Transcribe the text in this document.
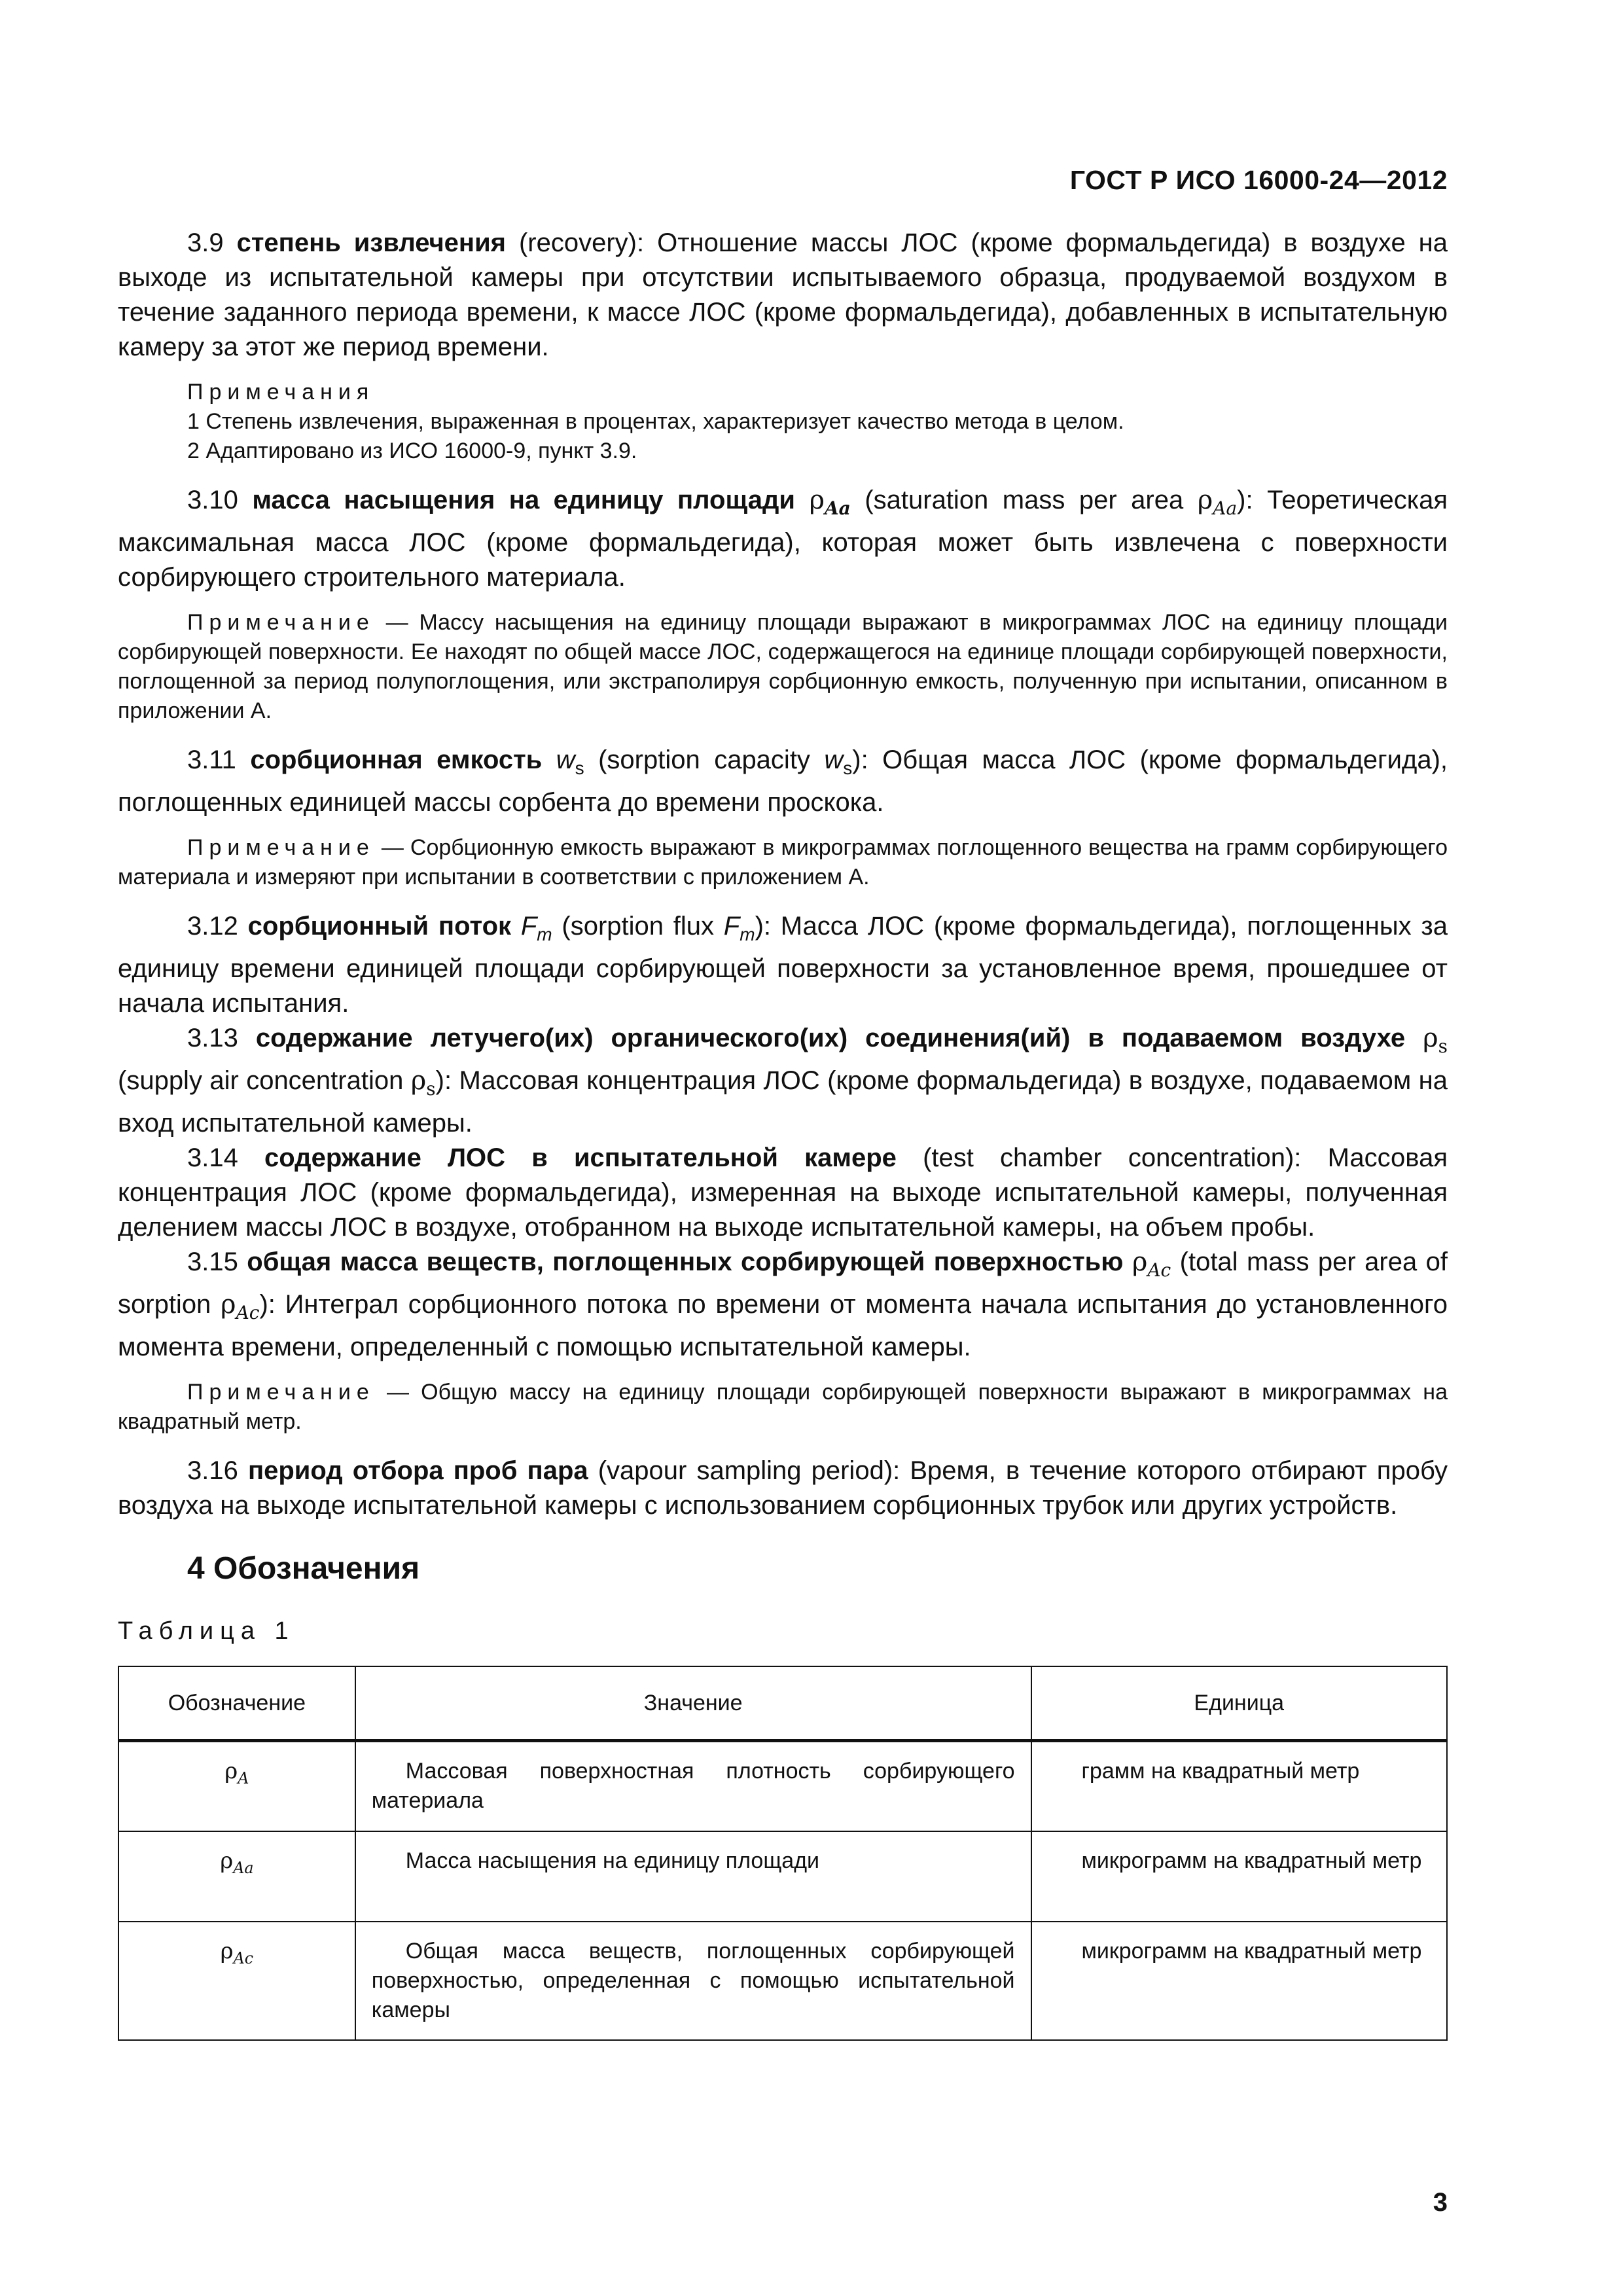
ГОСТ Р ИСО 16000-24—2012

3.9 степень извлечения (recovery): Отношение массы ЛОС (кроме формальдегида) в воздухе на выходе из испытательной камеры при отсутствии испытываемого образца, продуваемой воздухом в течение заданного периода времени, к массе ЛОС (кроме формальдегида), добавленных в испытательную камеру за этот же период времени.

Примечания

1 Степень извлечения, выраженная в процентах, характеризует качество метода в целом.

2 Адаптировано из ИСО 16000-9, пункт 3.9.

3.10 масса насыщения на единицу площади $\rho_{Aa}$ (saturation mass per area $\rho_{Aa}$): Теоретическая максимальная масса ЛОС (кроме формальдегида), которая может быть извлечена с поверхности сорбирующего строительного материала.

Примечание — Массу насыщения на единицу площади выражают в микрограммах ЛОС на единицу площади сорбирующей поверхности. Ее находят по общей массе ЛОС, содержащегося на единице площади сорбирующей поверхности, поглощенной за период полупоглощения, или экстраполируя сорбционную емкость, полученную при испытании, описанном в приложении А.

3.11 сорбционная емкость $w_s$ (sorption capacity $w_s$): Общая масса ЛОС (кроме формальдегида), поглощенных единицей массы сорбента до времени проскока.

Примечание — Сорбционную емкость выражают в микрограммах поглощенного вещества на грамм сорбирующего материала и измеряют при испытании в соответствии с приложением А.

3.12 сорбционный поток $F_m$ (sorption flux $F_m$): Масса ЛОС (кроме формальдегида), поглощенных за единицу времени единицей площади сорбирующей поверхности за установленное время, прошедшее от начала испытания.

3.13 содержание летучего(их) органического(их) соединения(ий) в подаваемом воздухе $\rho_s$ (supply air concentration $\rho_s$): Массовая концентрация ЛОС (кроме формальдегида) в воздухе, подаваемом на вход испытательной камеры.

3.14 содержание ЛОС в испытательной камере (test chamber concentration): Массовая концентрация ЛОС (кроме формальдегида), измеренная на выходе испытательной камеры, полученная делением массы ЛОС в воздухе, отобранном на выходе испытательной камеры, на объем пробы.

3.15 общая масса веществ, поглощенных сорбирующей поверхностью $\rho_{Ac}$ (total mass per area of sorption $\rho_{Ac}$): Интеграл сорбционного потока по времени от момента начала испытания до установленного момента времени, определенный с помощью испытательной камеры.

Примечание — Общую массу на единицу площади сорбирующей поверхности выражают в микрограммах на квадратный метр.

3.16 период отбора проб пара (vapour sampling period): Время, в течение которого отбирают пробу воздуха на выходе испытательной камеры с использованием сорбционных трубок или других устройств.

4 Обозначения

Таблица 1

Обозначение	Значение	Единица
$\rho_A$	Массовая поверхностная плотность сорбирующего материала	грамм на квадратный метр
$\rho_{Aa}$	Масса насыщения на единицу площади	микрограмм на квадратный метр
$\rho_{Ac}$	Общая масса веществ, поглощенных сорбирующей поверхностью, определенная с помощью испытательной камеры	микрограмм на квадратный метр
3
